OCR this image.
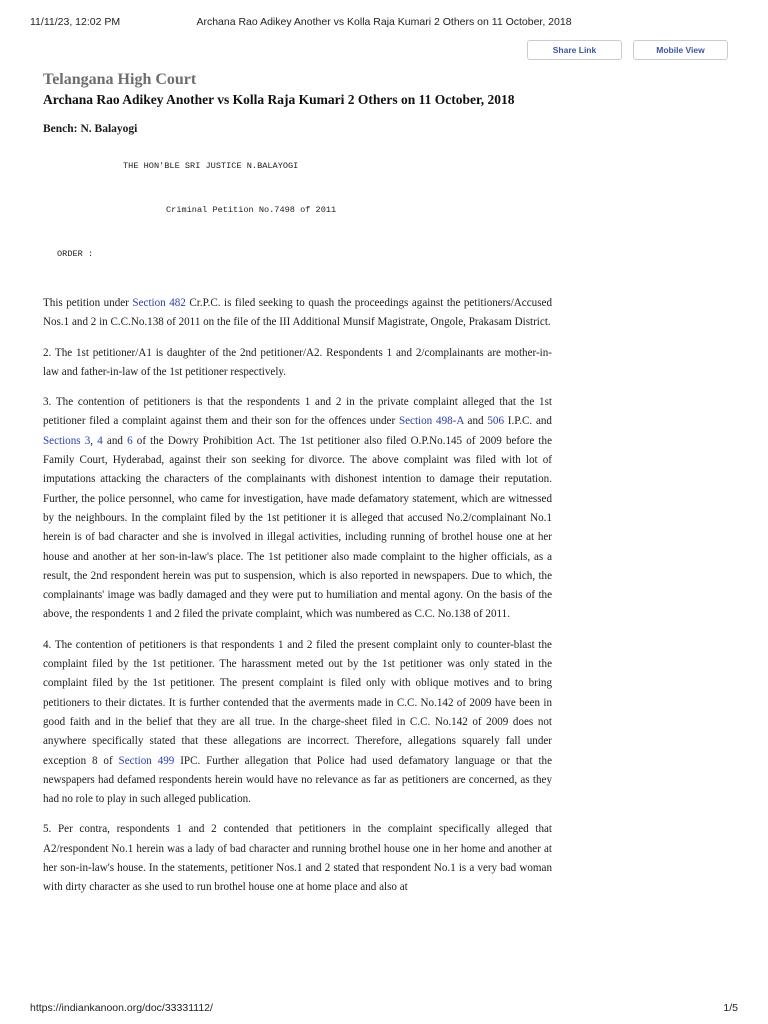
11/11/23, 12:02 PM	Archana Rao Adikey Another vs Kolla Raja Kumari 2 Others on 11 October, 2018
Share Link	Mobile View
Telangana High Court
Archana Rao Adikey Another vs Kolla Raja Kumari 2 Others on 11 October, 2018
Bench: N. Balayogi
THE HON'BLE SRI JUSTICE N.BALAYOGI
Criminal Petition No.7498 of 2011
ORDER :

This petition under Section 482 Cr.P.C. is filed seeking to quash the proceedings against the petitioners/Accused Nos.1 and 2 in C.C.No.138 of 2011 on the file of the III Additional Munsif Magistrate, Ongole, Prakasam District.

2. The 1st petitioner/A1 is daughter of the 2nd petitioner/A2. Respondents 1 and 2/complainants are mother-in-law and father-in-law of the 1st petitioner respectively.

3. The contention of petitioners is that the respondents 1 and 2 in the private complaint alleged that the 1st petitioner filed a complaint against them and their son for the offences under Section 498-A and 506 I.P.C. and Sections 3, 4 and 6 of the Dowry Prohibition Act. The 1st petitioner also filed O.P.No.145 of 2009 before the Family Court, Hyderabad, against their son seeking for divorce. The above complaint was filed with lot of imputations attacking the characters of the complainants with dishonest intention to damage their reputation. Further, the police personnel, who came for investigation, have made defamatory statement, which are witnessed by the neighbours. In the complaint filed by the 1st petitioner it is alleged that accused No.2/complainant No.1 herein is of bad character and she is involved in illegal activities, including running of brothel house one at her house and another at her son-in-law's place. The 1st petitioner also made complaint to the higher officials, as a result, the 2nd respondent herein was put to suspension, which is also reported in newspapers. Due to which, the complainants' image was badly damaged and they were put to humiliation and mental agony. On the basis of the above, the respondents 1 and 2 filed the private complaint, which was numbered as C.C. No.138 of 2011.

4. The contention of petitioners is that respondents 1 and 2 filed the present complaint only to counter-blast the complaint filed by the 1st petitioner. The harassment meted out by the 1st petitioner was only stated in the complaint filed by the 1st petitioner. The present complaint is filed only with oblique motives and to bring petitioners to their dictates. It is further contended that the averments made in C.C. No.142 of 2009 have been in good faith and in the belief that they are all true. In the charge-sheet filed in C.C. No.142 of 2009 does not anywhere specifically stated that these allegations are incorrect. Therefore, allegations squarely fall under exception 8 of Section 499 IPC. Further allegation that Police had used defamatory language or that the newspapers had defamed respondents herein would have no relevance as far as petitioners are concerned, as they had no role to play in such alleged publication.

5. Per contra, respondents 1 and 2 contended that petitioners in the complaint specifically alleged that A2/respondent No.1 herein was a lady of bad character and running brothel house one in her home and another at her son-in-law's house. In the statements, petitioner Nos.1 and 2 stated that respondent No.1 is a very bad woman with dirty character as she used to run brothel house one at home place and also at

https://indiankanoon.org/doc/33331112/	1/5
